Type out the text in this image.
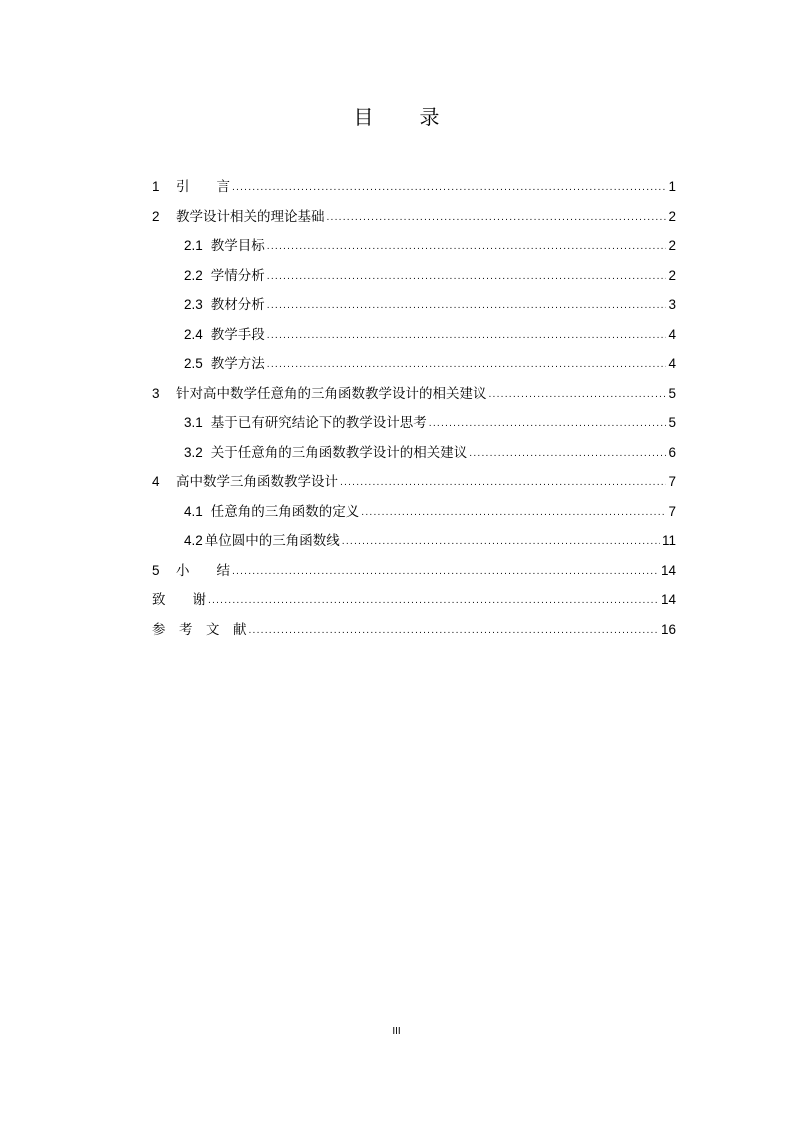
目 录
1	引　　言 .....	1
2	教学设计相关的理论基础 .....	2
2.1 教学目标 .....	2
2.2 学情分析 .....	2
2.3 教材分析 .....	3
2.4 教学手段 .....	4
2.5 教学方法 .....	4
3	针对高中数学任意角的三角函数教学设计的相关建议 .....	5
3.1 基于已有研究结论下的教学设计思考 .....	5
3.2 关于任意角的三角函数教学设计的相关建议 .....	6
4	高中数学三角函数教学设计 .....	7
4.1 任意角的三角函数的定义 .....	7
4.2 单位圆中的三角函数线 .....	11
5	小　　结 .....	14
致　　谢 .....	14
参　考　文　献 .....	16
III
